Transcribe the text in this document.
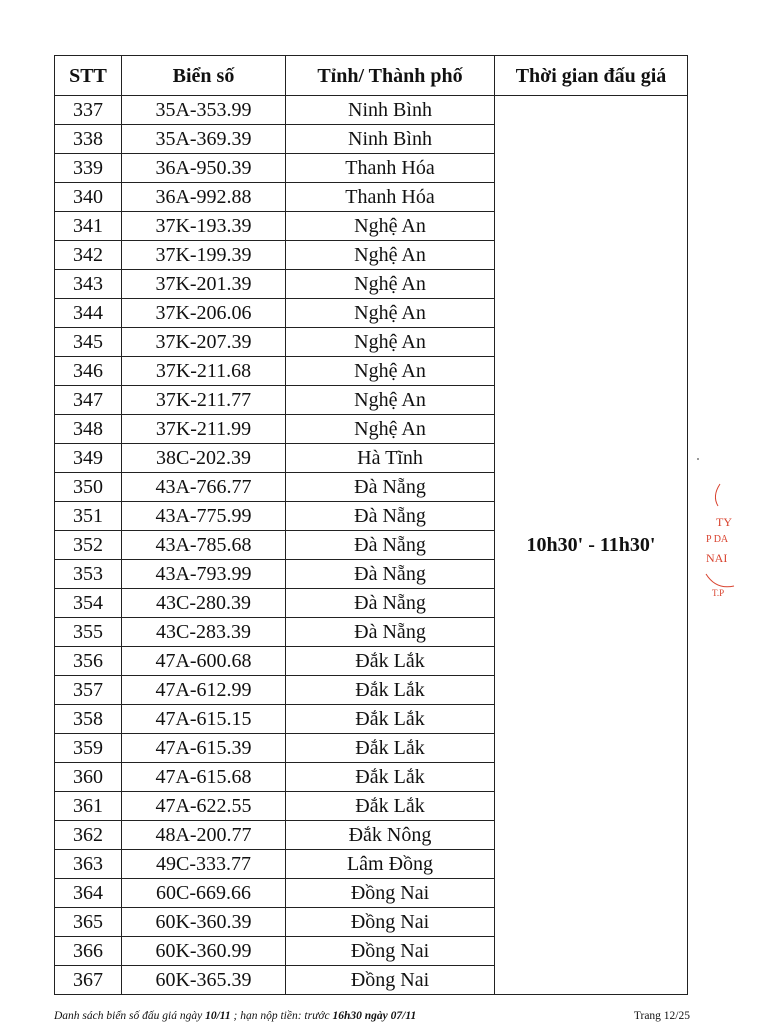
STT	Biển số	Tỉnh/ Thành phố	Thời gian đấu giá
337	35A-353.99	Ninh Bình	10h30' - 11h30'
338	35A-369.39	Ninh Bình	
339	36A-950.39	Thanh Hóa	
340	36A-992.88	Thanh Hóa	
341	37K-193.39	Nghệ An	
342	37K-199.39	Nghệ An	
343	37K-201.39	Nghệ An	
344	37K-206.06	Nghệ An	
345	37K-207.39	Nghệ An	
346	37K-211.68	Nghệ An	
347	37K-211.77	Nghệ An	
348	37K-211.99	Nghệ An	
349	38C-202.39	Hà Tĩnh	
350	43A-766.77	Đà Nẵng	
351	43A-775.99	Đà Nẵng	
352	43A-785.68	Đà Nẵng	
353	43A-793.99	Đà Nẵng	
354	43C-280.39	Đà Nẵng	
355	43C-283.39	Đà Nẵng	
356	47A-600.68	Đắk Lắk	
357	47A-612.99	Đắk Lắk	
358	47A-615.15	Đắk Lắk	
359	47A-615.39	Đắk Lắk	
360	47A-615.68	Đắk Lắk	
361	47A-622.55	Đắk Lắk	
362	48A-200.77	Đắk Nông	
363	49C-333.77	Lâm Đồng	
364	60C-669.66	Đồng Nai	
365	60K-360.39	Đồng Nai	
366	60K-360.99	Đồng Nai	
367	60K-365.39	Đồng Nai	
Danh sách biển số đấu giá ngày 10/11 ; hạn nộp tiền: trước 16h30 ngày 07/11	Trang 12/25
TY
P DA
NAI
T.P
